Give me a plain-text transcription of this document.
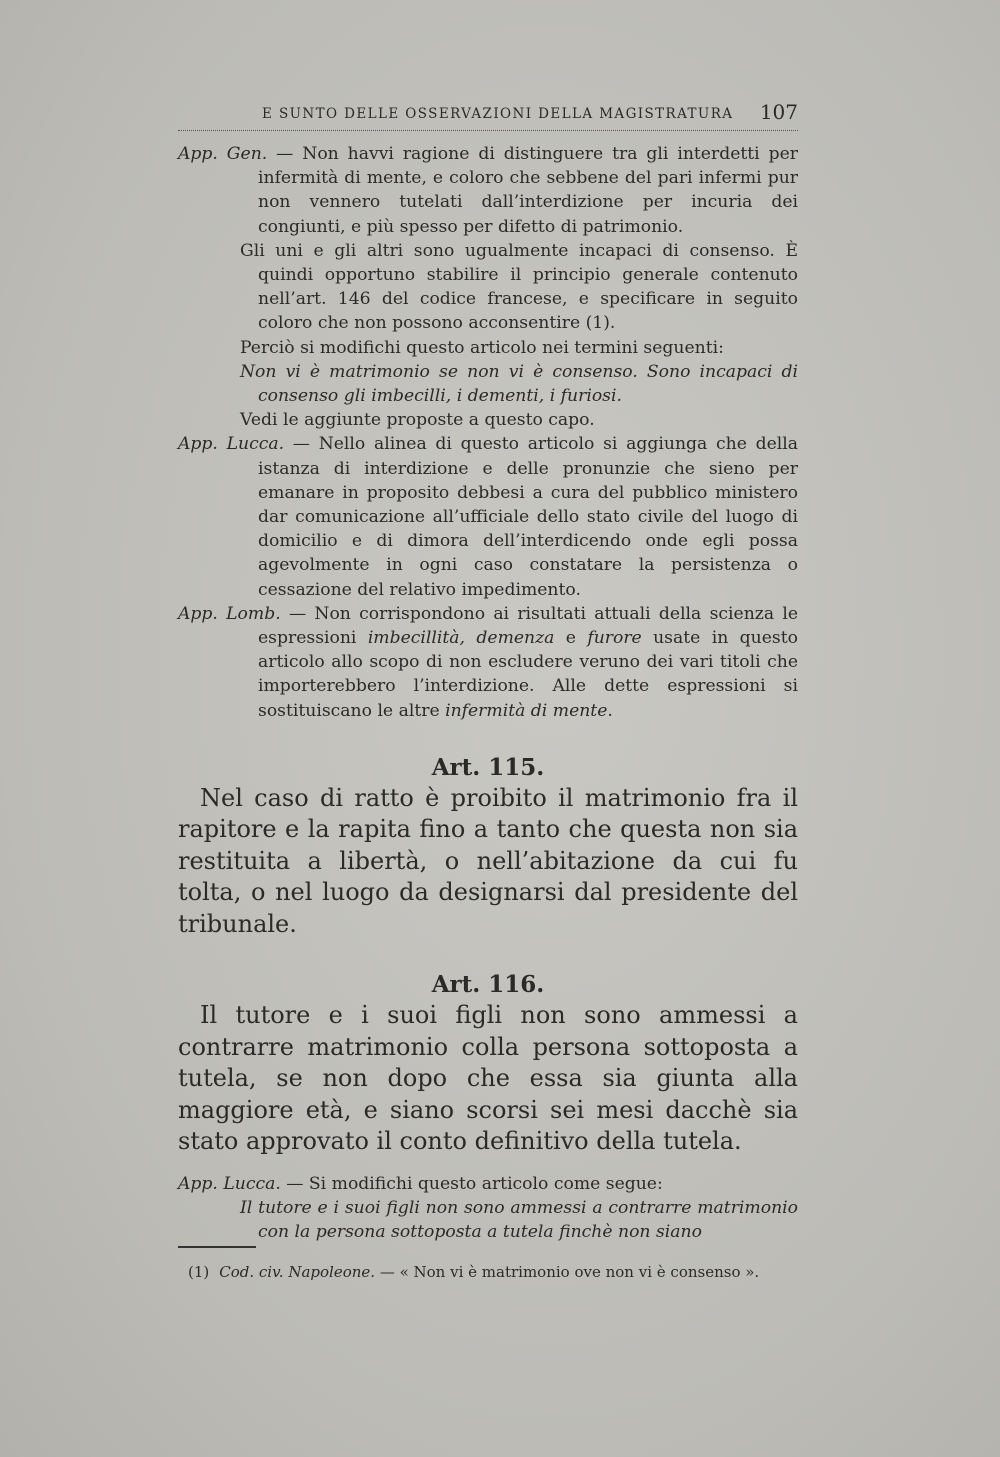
E SUNTO DELLE OSSERVAZIONI DELLA MAGISTRATURA 107

App. Gen. — Non havvi ragione di distinguere tra gli interdetti per infermità di mente, e coloro che sebbene del pari infermi pur non vennero tutelati dall’interdizione per incuria dei congiunti, e più spesso per difetto di patrimonio.

Gli uni e gli altri sono ugualmente incapaci di consenso. È quindi opportuno stabilire il principio generale contenuto nell’art. 146 del codice francese, e specificare in seguito coloro che non possono acconsentire (1).

Perciò si modifichi questo articolo nei termini seguenti:

Non vi è matrimonio se non vi è consenso. Sono incapaci di consenso gli imbecilli, i dementi, i furiosi.

Vedi le aggiunte proposte a questo capo.

App. Lucca. — Nello alinea di questo articolo si aggiunga che della istanza di interdizione e delle pronunzie che sieno per emanare in proposito debbesi a cura del pubblico ministero dar comunicazione all’ufficiale dello stato civile del luogo di domicilio e di dimora dell’interdicendo onde egli possa agevolmente in ogni caso constatare la persistenza o cessazione del relativo impedimento.

App. Lomb. — Non corrispondono ai risultati attuali della scienza le espressioni imbecillità, demenza e furore usate in questo articolo allo scopo di non escludere veruno dei vari titoli che importerebbero l’interdizione. Alle dette espressioni si sostituiscano le altre infermità di mente.

Art. 115.

Nel caso di ratto è proibito il matrimonio fra il rapitore e la rapita fino a tanto che questa non sia restituita a libertà, o nell’abitazione da cui fu tolta, o nel luogo da designarsi dal presidente del tribunale.

Art. 116.

Il tutore e i suoi figli non sono ammessi a contrarre matrimonio colla persona sottoposta a tutela, se non dopo che essa sia giunta alla maggiore età, e siano scorsi sei mesi dacchè sia stato approvato il conto definitivo della tutela.

App. Lucca. — Si modifichi questo articolo come segue:

Il tutore e i suoi figli non sono ammessi a contrarre matrimonio con la persona sottoposta a tutela finchè non siano

(1) Cod. civ. Napoleone. — « Non vi è matrimonio ove non vi è consenso ».
